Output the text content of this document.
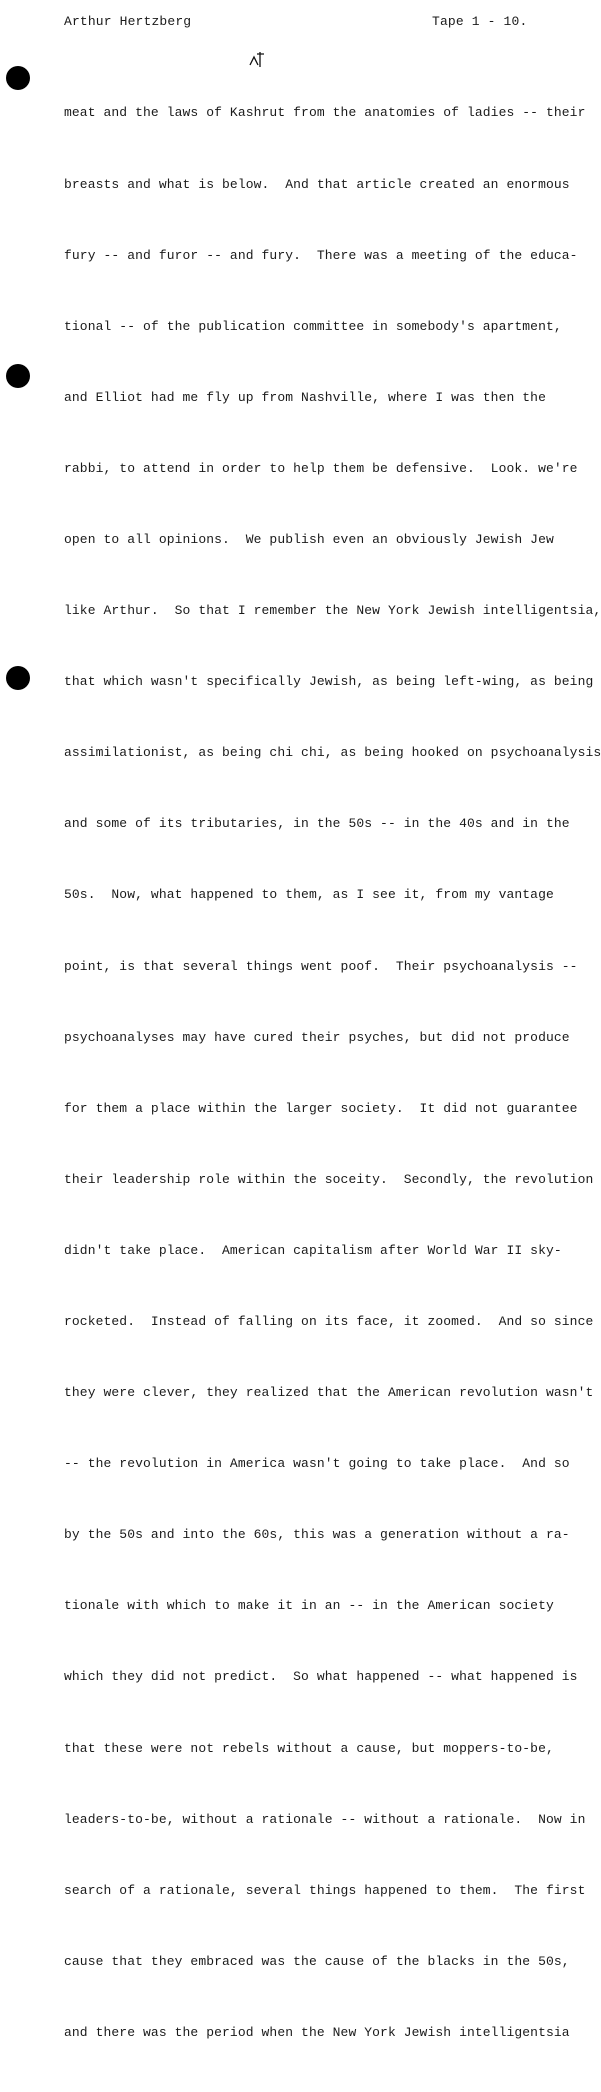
Arthur Hertzberg	Tape 1 - 10.

meat and the laws of Kashrut from the anatomies of ladies -- their

breasts and what is below.  And that article created an enormous

fury -- and furor -- and fury.  There was a meeting of the educa-

tional -- of the publication committee in somebody's apartment,

and Elliot had me fly up from Nashville, where I was then the

rabbi, to attend in order to help them be defensive.  Look. we're

open to all opinions.  We publish even an obviously Jewish Jew

like Arthur.  So that I remember the New York Jewish intelligentsia,

that which wasn't specifically Jewish, as being left-wing, as being

assimilationist, as being chi chi, as being hooked on psychoanalysis

and some of its tributaries, in the 50s -- in the 40s and in the

50s.  Now, what happened to them, as I see it, from my vantage

point, is that several things went poof.  Their psychoanalysis --

psychoanalyses may have cured their psyches, but did not produce

for them a place within the larger society.  It did not guarantee

their leadership role within the soceity.  Secondly, the revolution

didn't take place.  American capitalism after World War II sky-

rocketed.  Instead of falling on its face, it zoomed.  And so since

they were clever, they realized that the American revolution wasn't

-- the revolution in America wasn't going to take place.  And so

by the 50s and into the 60s, this was a generation without a ra-

tionale with which to make it in an -- in the American society

which they did not predict.  So what happened -- what happened is

that these were not rebels without a cause, but moppers-to-be,

leaders-to-be, without a rationale -- without a rationale.  Now in

search of a rationale, several things happened to them.  The first

cause that they embraced was the cause of the blacks in the 50s,

and there was the period when the New York Jewish intelligentsia
